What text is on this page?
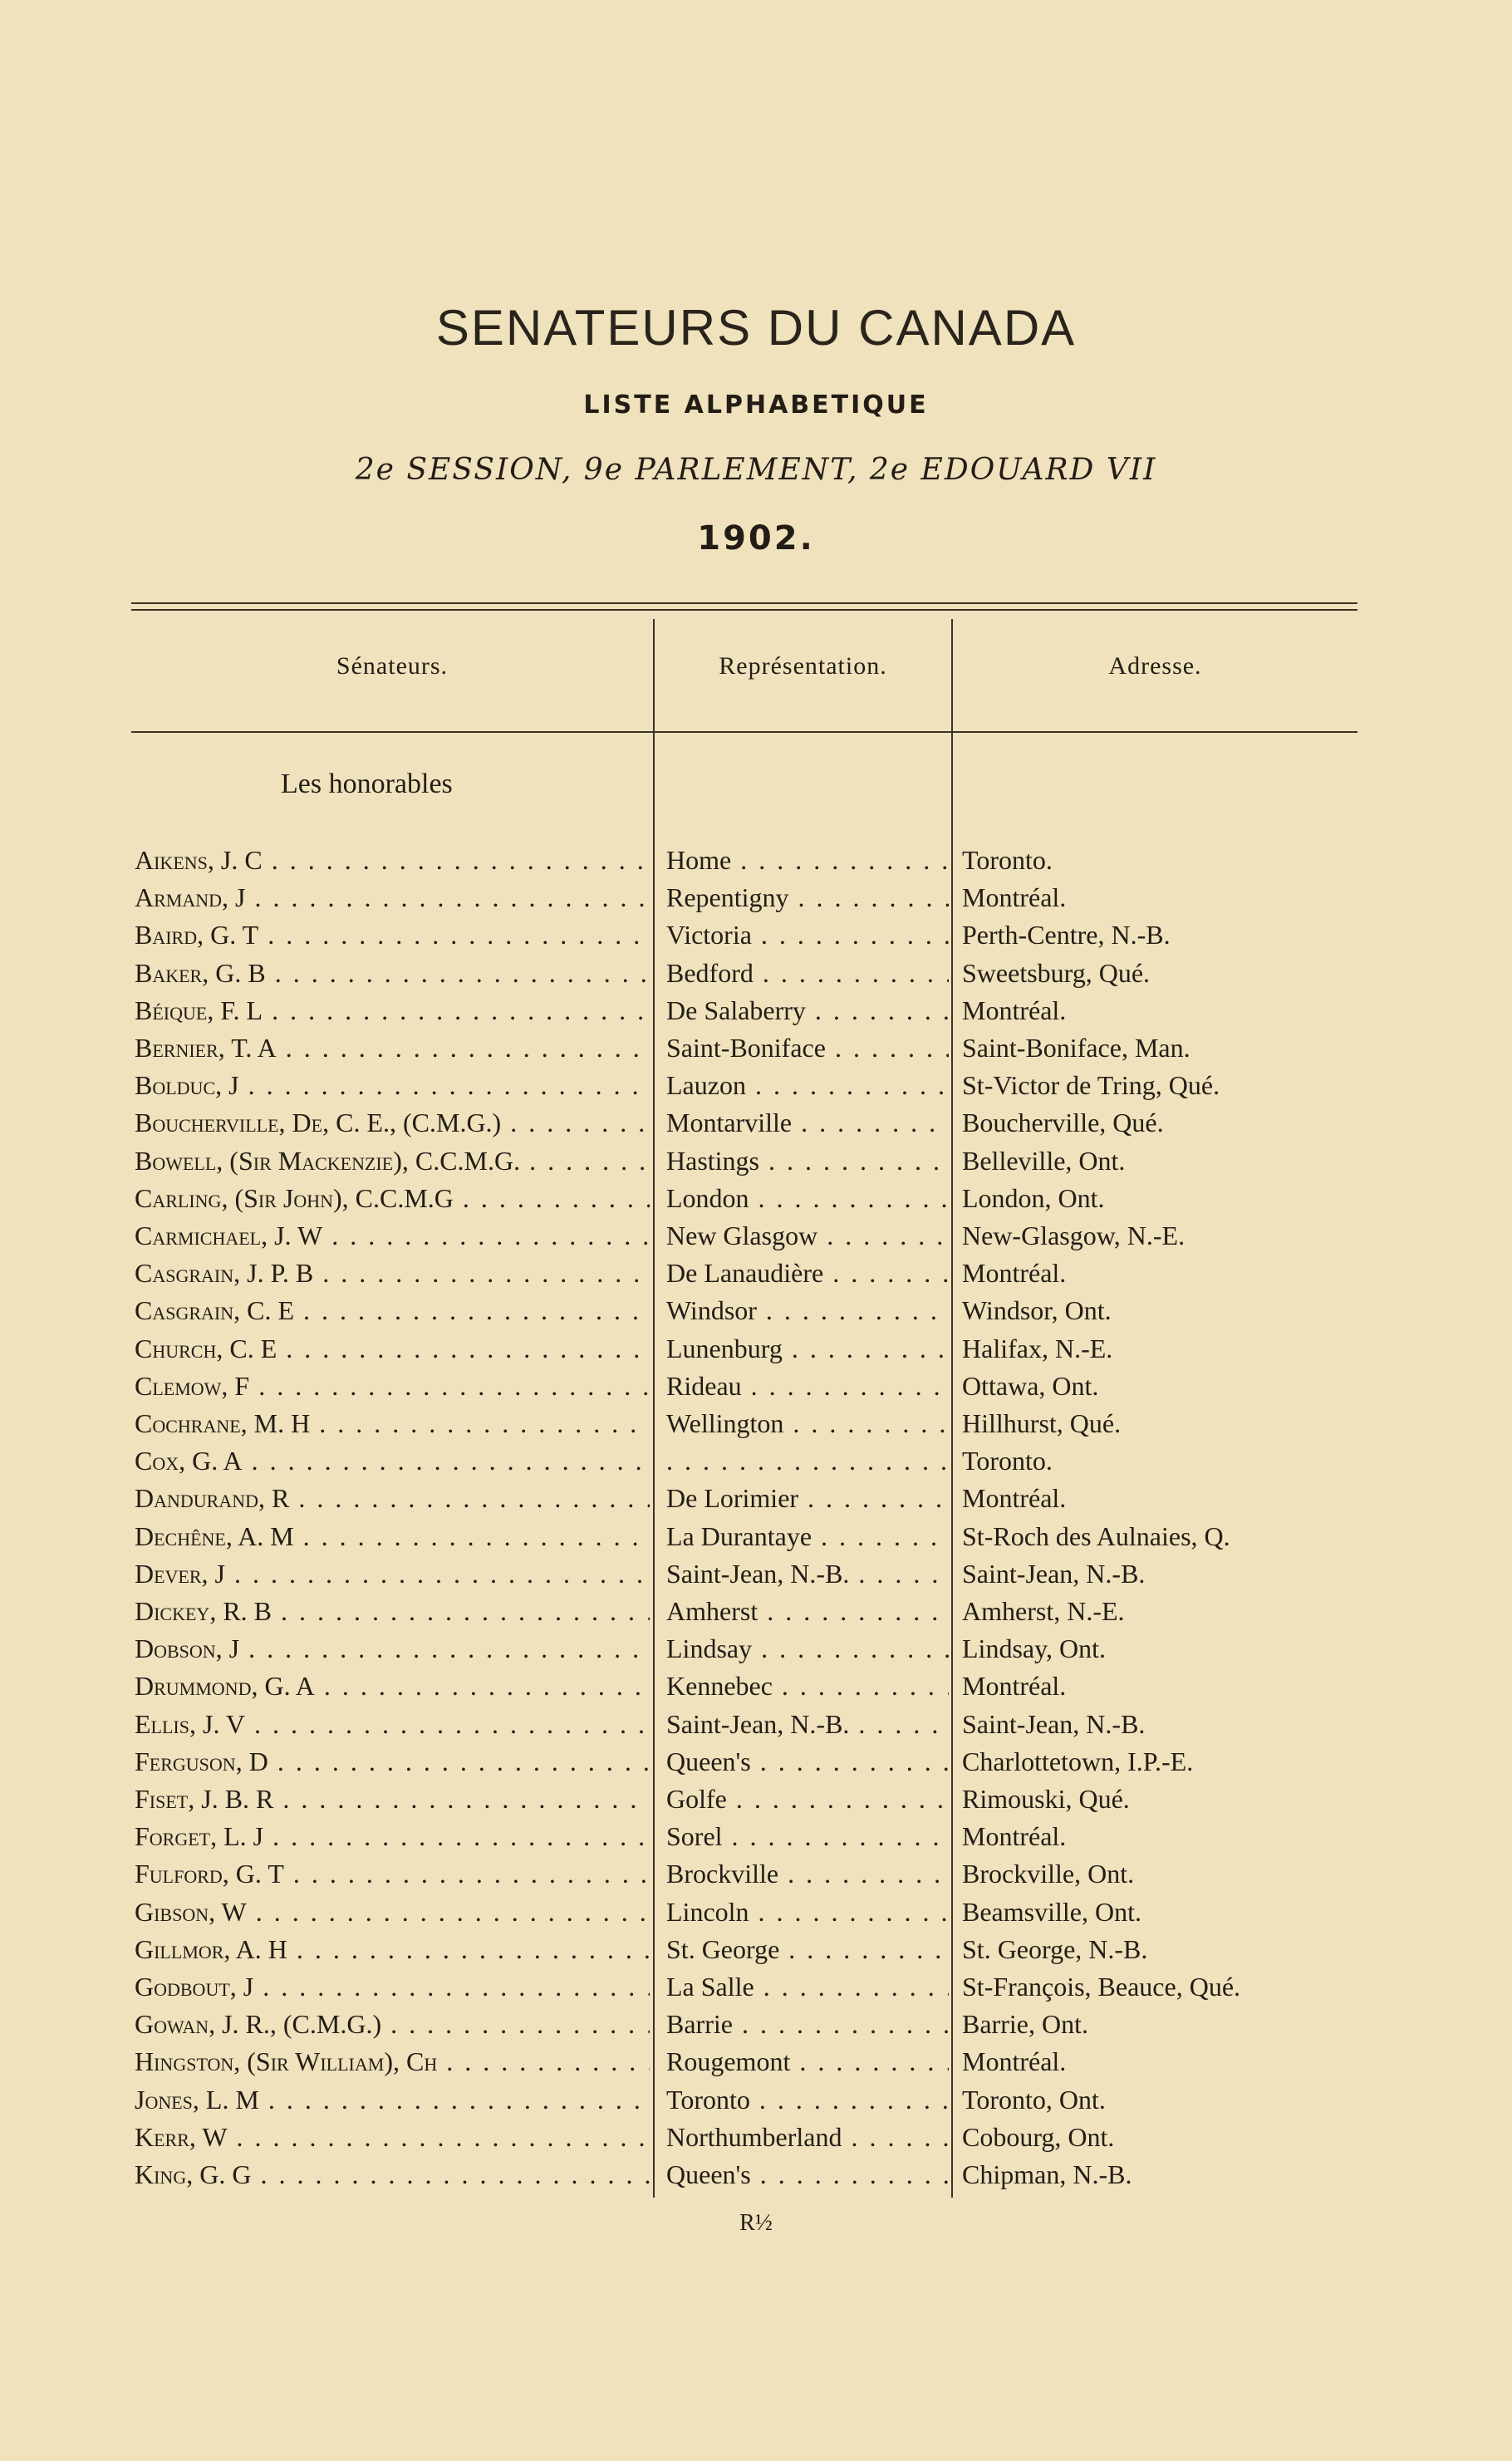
SENATEURS DU CANADA
LISTE ALPHABETIQUE
2e SESSION, 9e PARLEMENT, 2e EDOUARD VII
1902.
Sénateurs.	Représentation.	Adresse.
Les honorables
Aikens, J. C . . .	Home . . .	Toronto.
Armand, J . . .	Repentigny . . .	Montréal.
Baird, G. T . . .	Victoria . . .	Perth-Centre, N.-B.
Baker, G. B . . .	Bedford . . .	Sweetsburg, Qué.
Béique, F. L . . .	De Salaberry . . .	Montréal.
Bernier, T. A . . .	Saint-Boniface . . .	Saint-Boniface, Man.
Bolduc, J . . .	Lauzon . . .	St-Victor de Tring, Qué.
Boucherville, De, C. E., (C.M.G.) . . .	Montarville . . .	Boucherville, Qué.
Bowell, (Sir Mackenzie), C.C.M.G. . . .	Hastings . . .	Belleville, Ont.
Carling, (Sir John), C.C.M.G . . .	London . . .	London, Ont.
Carmichael, J. W . . .	New Glasgow . . .	New-Glasgow, N.-E.
Casgrain, J. P. B . . .	De Lanaudière . . .	Montréal.
Casgrain, C. E . . .	Windsor . . .	Windsor, Ont.
Church, C. E . . .	Lunenburg . . .	Halifax, N.-E.
Clemow, F . . .	Rideau . . .	Ottawa, Ont.
Cochrane, M. H . . .	Wellington . . .	Hillhurst, Qué.
Cox, G. A . . .
. . .	Toronto.
Dandurand, R . . .	De Lorimier . . .	Montréal.
Dechêne, A. M . . .	La Durantaye . . .	St-Roch des Aulnaies, Q.
Dever, J . . .	Saint-Jean, N.-B. . . .	Saint-Jean, N.-B.
Dickey, R. B . . .	Amherst . . .	Amherst, N.-E.
Dobson, J . . .	Lindsay . . .	Lindsay, Ont.
Drummond, G. A . . .	Kennebec . . .	Montréal.
Ellis, J. V . . .	Saint-Jean, N.-B. . . .	Saint-Jean, N.-B.
Ferguson, D . . .	Queen's . . .	Charlottetown, I.P.-E.
Fiset, J. B. R . . .	Golfe . . .	Rimouski, Qué.
Forget, L. J . . .	Sorel . . .	Montréal.
Fulford, G. T . . .	Brockville . . .	Brockville, Ont.
Gibson, W . . .	Lincoln . . .	Beamsville, Ont.
Gillmor, A. H . . .	St. George . . .	St. George, N.-B.
Godbout, J . . .	La Salle . . .	St-François, Beauce, Qué.
Gowan, J. R., (C.M.G.) . . .	Barrie . . .	Barrie, Ont.
Hingston, (Sir William), Ch . . .	Rougemont . . .	Montréal.
Jones, L. M . . .	Toronto . . .	Toronto, Ont.
Kerr, W . . .	Northumberland . . .	Cobourg, Ont.
King, G. G . . .	Queen's . . .	Chipman, N.-B.
R½
